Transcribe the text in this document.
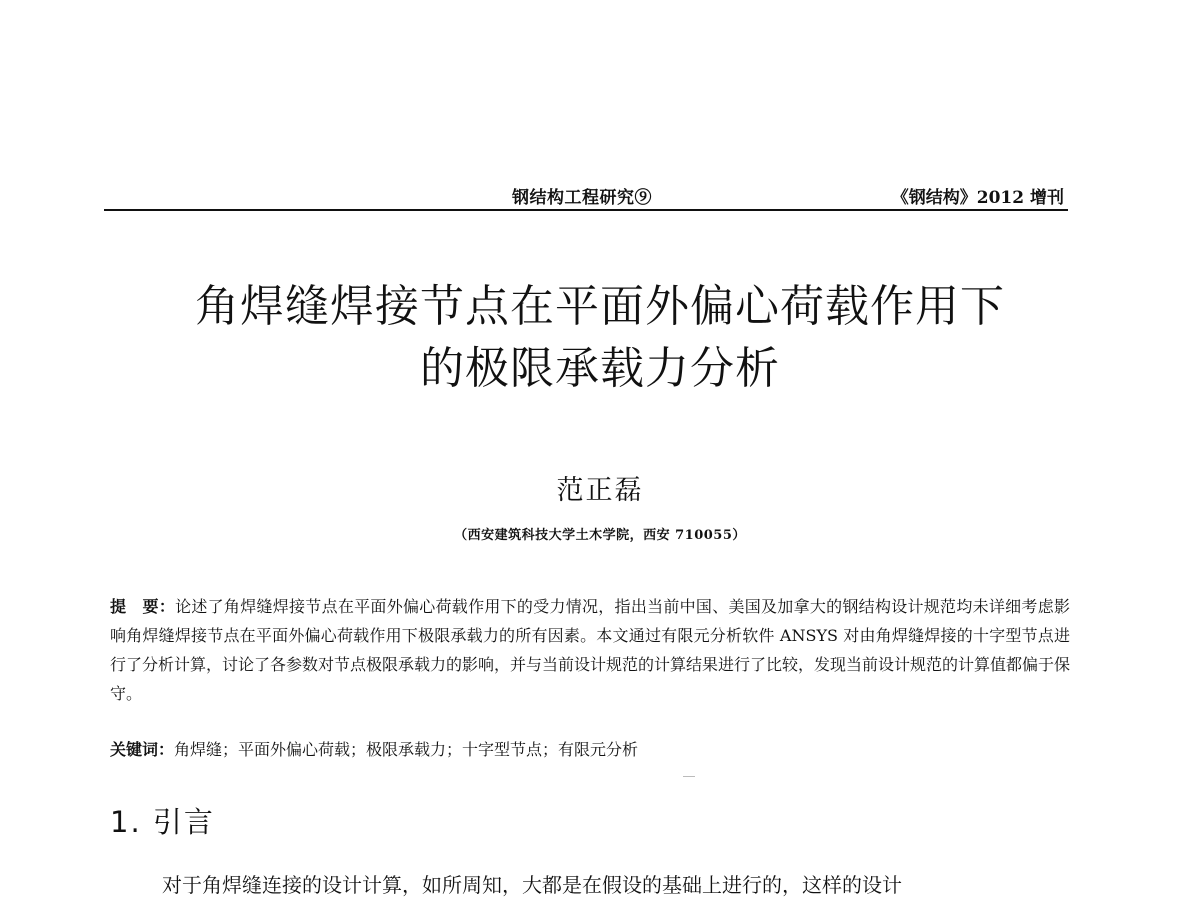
钢结构工程研究⑨	《钢结构》2012 增刊
角焊缝焊接节点在平面外偏心荷载作用下
的极限承载力分析
范正磊
（西安建筑科技大学土木学院，西安 710055）
提　要：论述了角焊缝焊接节点在平面外偏心荷载作用下的受力情况，指出当前中国、美国及加拿大的钢结构设计规范均未详细考虑影响角焊缝焊接节点在平面外偏心荷载作用下极限承载力的所有因素。本文通过有限元分析软件 ANSYS 对由角焊缝焊接的十字型节点进行了分析计算，讨论了各参数对节点极限承载力的影响，并与当前设计规范的计算结果进行了比较，发现当前设计规范的计算值都偏于保守。
关键词：角焊缝；平面外偏心荷载；极限承载力；十字型节点；有限元分析
1. 引言
对于角焊缝连接的设计计算，如所周知，大都是在假设的基础上进行的，这样的设计
